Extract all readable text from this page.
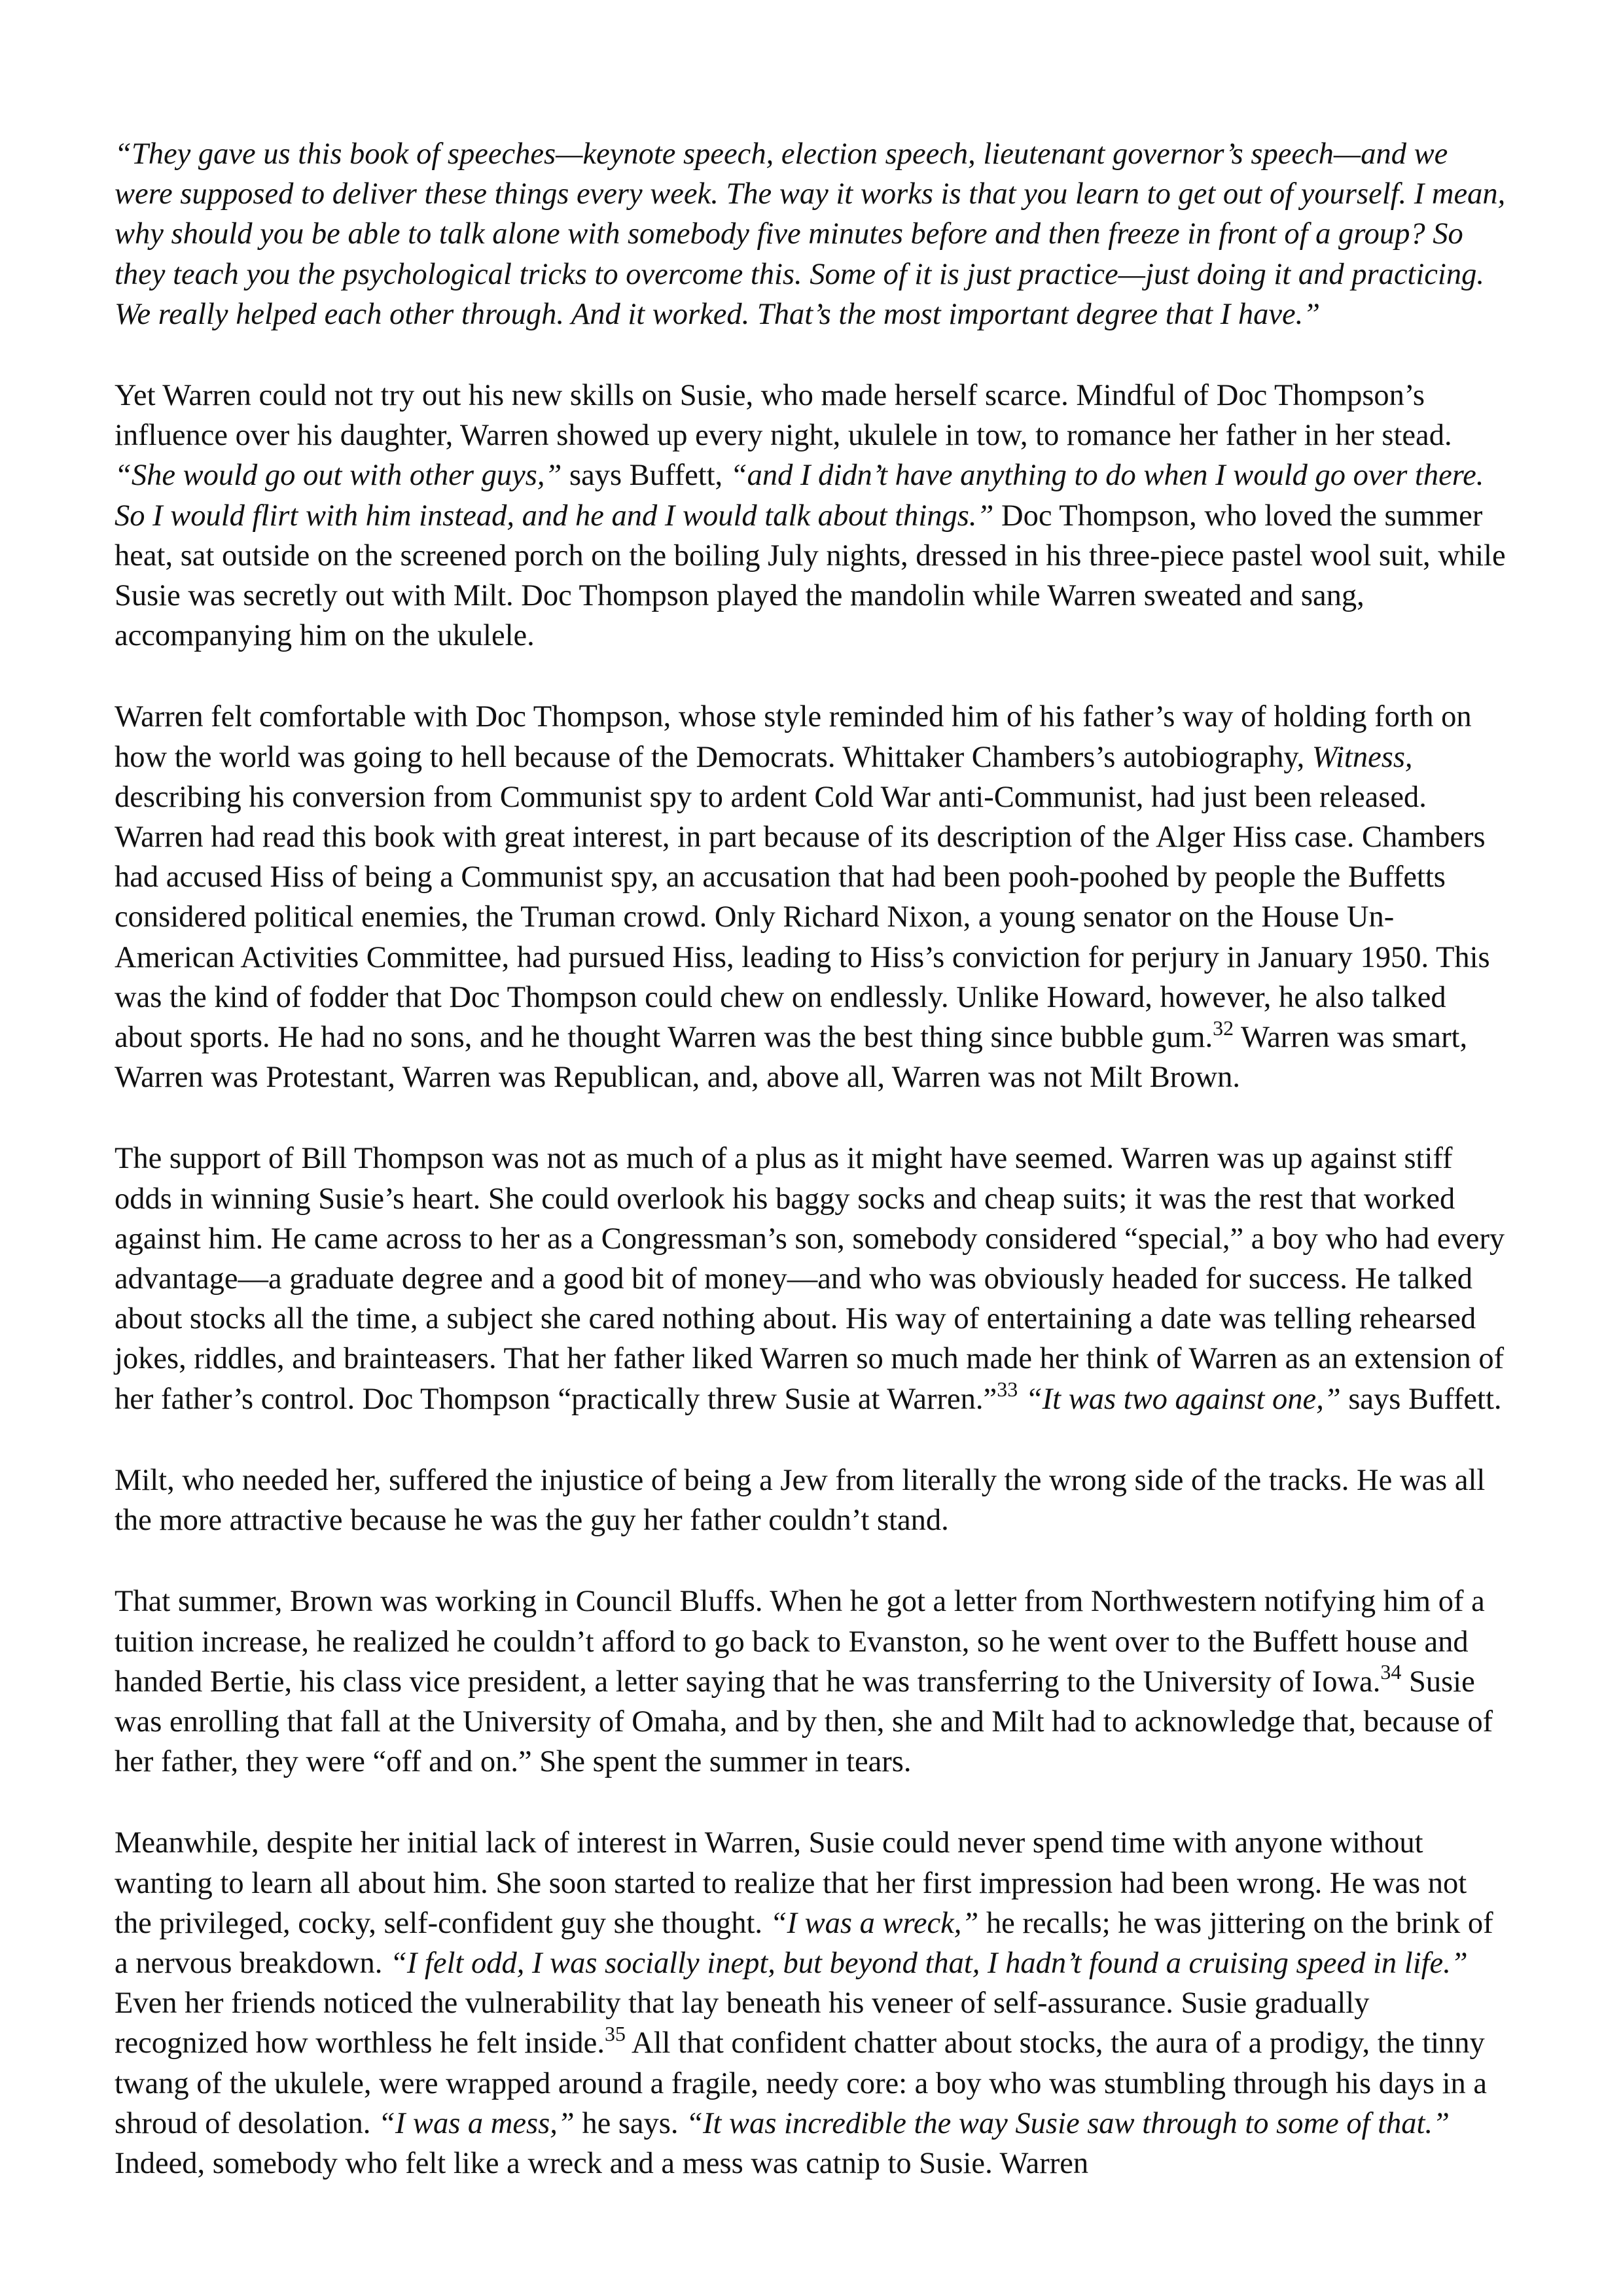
“They gave us this book of speeches—keynote speech, election speech, lieutenant governor’s speech—and we were supposed to deliver these things every week. The way it works is that you learn to get out of yourself. I mean, why should you be able to talk alone with somebody five minutes before and then freeze in front of a group? So they teach you the psychological tricks to overcome this. Some of it is just practice—just doing it and practicing. We really helped each other through. And it worked. That’s the most important degree that I have.”

Yet Warren could not try out his new skills on Susie, who made herself scarce. Mindful of Doc Thompson’s influence over his daughter, Warren showed up every night, ukulele in tow, to romance her father in her stead. “She would go out with other guys,” says Buffett, “and I didn’t have anything to do when I would go over there. So I would flirt with him instead, and he and I would talk about things.” Doc Thompson, who loved the summer heat, sat outside on the screened porch on the boiling July nights, dressed in his three-piece pastel wool suit, while Susie was secretly out with Milt. Doc Thompson played the mandolin while Warren sweated and sang, accompanying him on the ukulele.

Warren felt comfortable with Doc Thompson, whose style reminded him of his father’s way of holding forth on how the world was going to hell because of the Democrats. Whittaker Chambers’s autobiography, Witness, describing his conversion from Communist spy to ardent Cold War anti-Communist, had just been released. Warren had read this book with great interest, in part because of its description of the Alger Hiss case. Chambers had accused Hiss of being a Communist spy, an accusation that had been pooh-poohed by people the Buffetts considered political enemies, the Truman crowd. Only Richard Nixon, a young senator on the House Un-American Activities Committee, had pursued Hiss, leading to Hiss’s conviction for perjury in January 1950. This was the kind of fodder that Doc Thompson could chew on endlessly. Unlike Howard, however, he also talked about sports. He had no sons, and he thought Warren was the best thing since bubble gum.$^{32}$ Warren was smart, Warren was Protestant, Warren was Republican, and, above all, Warren was not Milt Brown.

The support of Bill Thompson was not as much of a plus as it might have seemed. Warren was up against stiff odds in winning Susie’s heart. She could overlook his baggy socks and cheap suits; it was the rest that worked against him. He came across to her as a Congressman’s son, somebody considered “special,” a boy who had every advantage—a graduate degree and a good bit of money—and who was obviously headed for success. He talked about stocks all the time, a subject she cared nothing about. His way of entertaining a date was telling rehearsed jokes, riddles, and brainteasers. That her father liked Warren so much made her think of Warren as an extension of her father’s control. Doc Thompson “practically threw Susie at Warren.”$^{33}$ “It was two against one,” says Buffett.

Milt, who needed her, suffered the injustice of being a Jew from literally the wrong side of the tracks. He was all the more attractive because he was the guy her father couldn’t stand.

That summer, Brown was working in Council Bluffs. When he got a letter from Northwestern notifying him of a tuition increase, he realized he couldn’t afford to go back to Evanston, so he went over to the Buffett house and handed Bertie, his class vice president, a letter saying that he was transferring to the University of Iowa.$^{34}$ Susie was enrolling that fall at the University of Omaha, and by then, she and Milt had to acknowledge that, because of her father, they were “off and on.” She spent the summer in tears.

Meanwhile, despite her initial lack of interest in Warren, Susie could never spend time with anyone without wanting to learn all about him. She soon started to realize that her first impression had been wrong. He was not the privileged, cocky, self-confident guy she thought. “I was a wreck,” he recalls; he was jittering on the brink of a nervous breakdown. “I felt odd, I was socially inept, but beyond that, I hadn’t found a cruising speed in life.” Even her friends noticed the vulnerability that lay beneath his veneer of self-assurance. Susie gradually recognized how worthless he felt inside.$^{35}$ All that confident chatter about stocks, the aura of a prodigy, the tinny twang of the ukulele, were wrapped around a fragile, needy core: a boy who was stumbling through his days in a shroud of desolation. “I was a mess,” he says. “It was incredible the way Susie saw through to some of that.” Indeed, somebody who felt like a wreck and a mess was catnip to Susie. Warren
